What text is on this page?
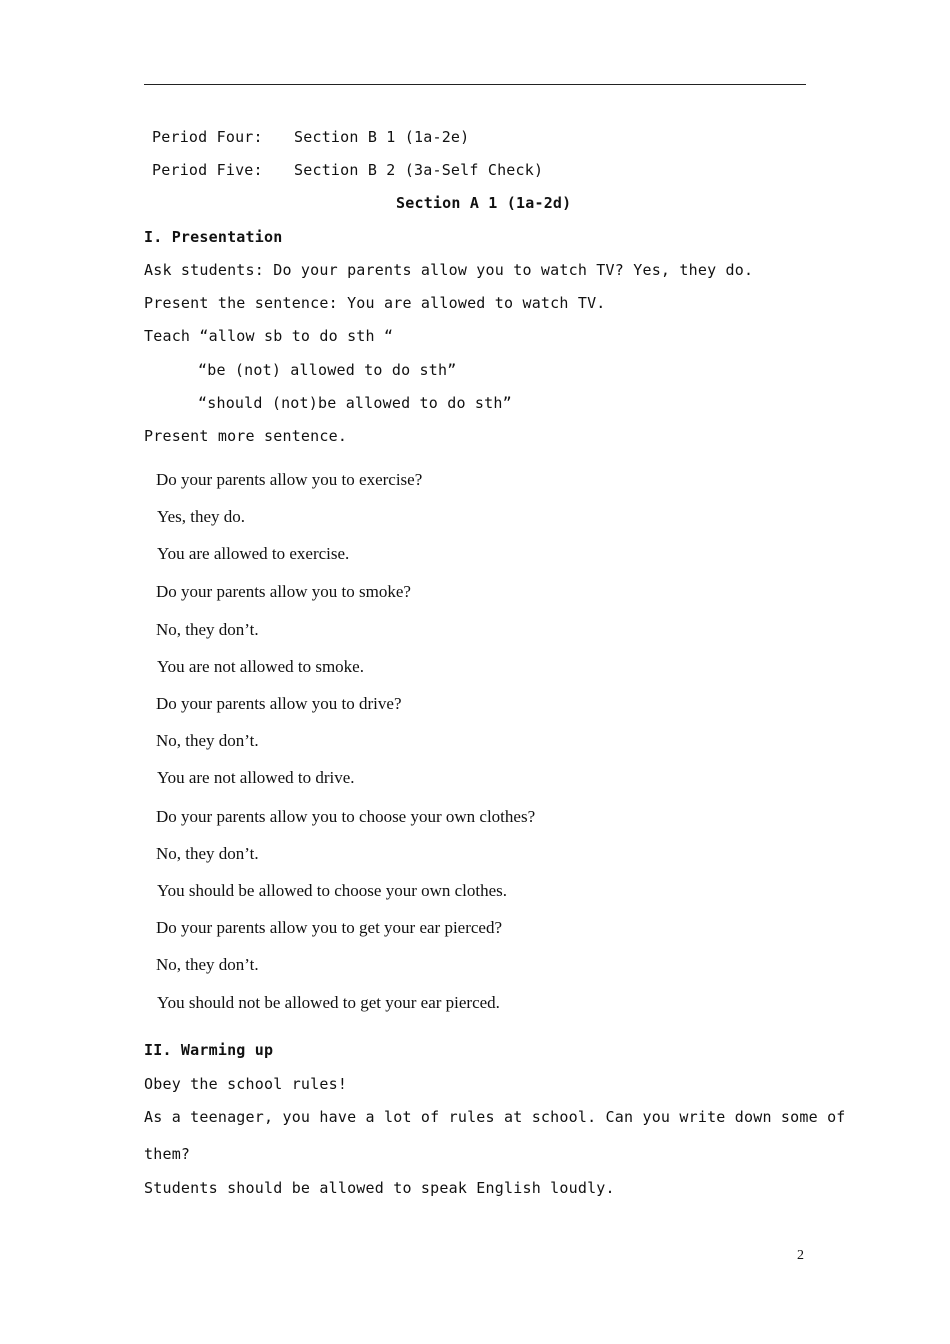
Period Four: Section B 1 (1a-2e)
Period Five: Section B 2 (3a-Self Check)
Section A 1 (1a-2d)
I. Presentation
Ask students: Do your parents allow you to watch TV? Yes, they do.
Present the sentence: You are allowed to watch TV.
Teach “allow sb to do sth “
“be (not) allowed to do sth”
“should (not)be allowed to do sth”
Present more sentence.
Do your parents allow you to exercise?
Yes, they do.
You are allowed to exercise.
Do your parents allow you to smoke?
No, they don’t.
You are not allowed to smoke.
Do your parents allow you to drive?
No, they don’t.
You are not allowed to drive.
Do your parents allow you to choose your own clothes?
No, they don’t.
You should be allowed to choose your own clothes.
Do your parents allow you to get your ear pierced?
No, they don’t.
You should not be allowed to get your ear pierced.
II. Warming up
Obey the school rules!
As a teenager, you have a lot of rules at school. Can you write down some of
them?
Students should be allowed to speak English loudly.
2
